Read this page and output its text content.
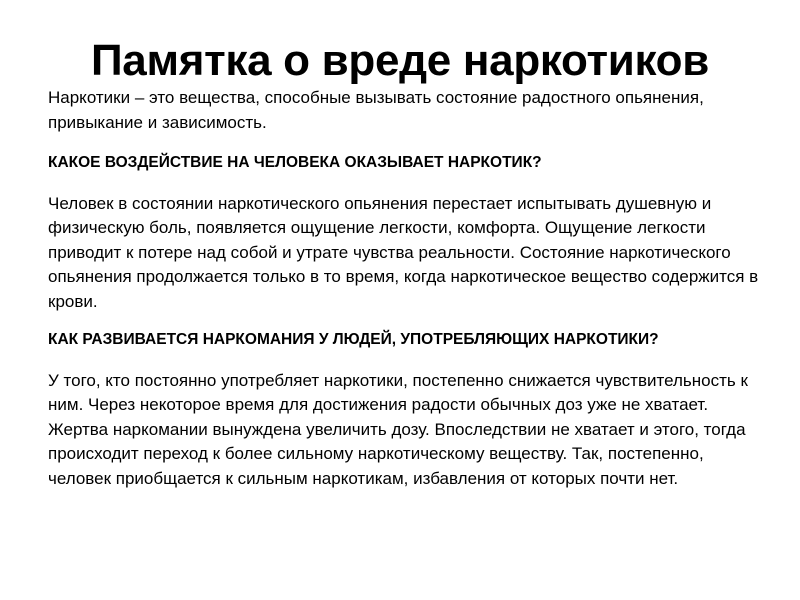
Памятка о вреде наркотиков

Наркотики – это вещества, способные вызывать состояние радостного опьянения, привыкание и зависимость.

КАКОЕ ВОЗДЕЙСТВИЕ НА ЧЕЛОВЕКА ОКАЗЫВАЕТ НАРКОТИК?

Человек в состоянии наркотического опьянения перестает испытывать душевную и физическую боль, появляется ощущение легкости, комфорта. Ощущение легкости приводит к потере над собой и утрате чувства реальности. Состояние наркотического опьянения продолжается только в то время, когда наркотическое вещество содержится в крови.

КАК РАЗВИВАЕТСЯ НАРКОМАНИЯ У ЛЮДЕЙ, УПОТРЕБЛЯЮЩИХ НАРКОТИКИ?

У того, кто постоянно употребляет наркотики, постепенно снижается чувствительность к ним. Через некоторое время для достижения радости обычных доз уже не хватает. Жертва наркомании вынуждена увеличить дозу. Впоследствии не хватает и этого, тогда происходит переход к более сильному наркотическому веществу. Так, постепенно, человек приобщается к сильным наркотикам, избавления от которых почти нет.
